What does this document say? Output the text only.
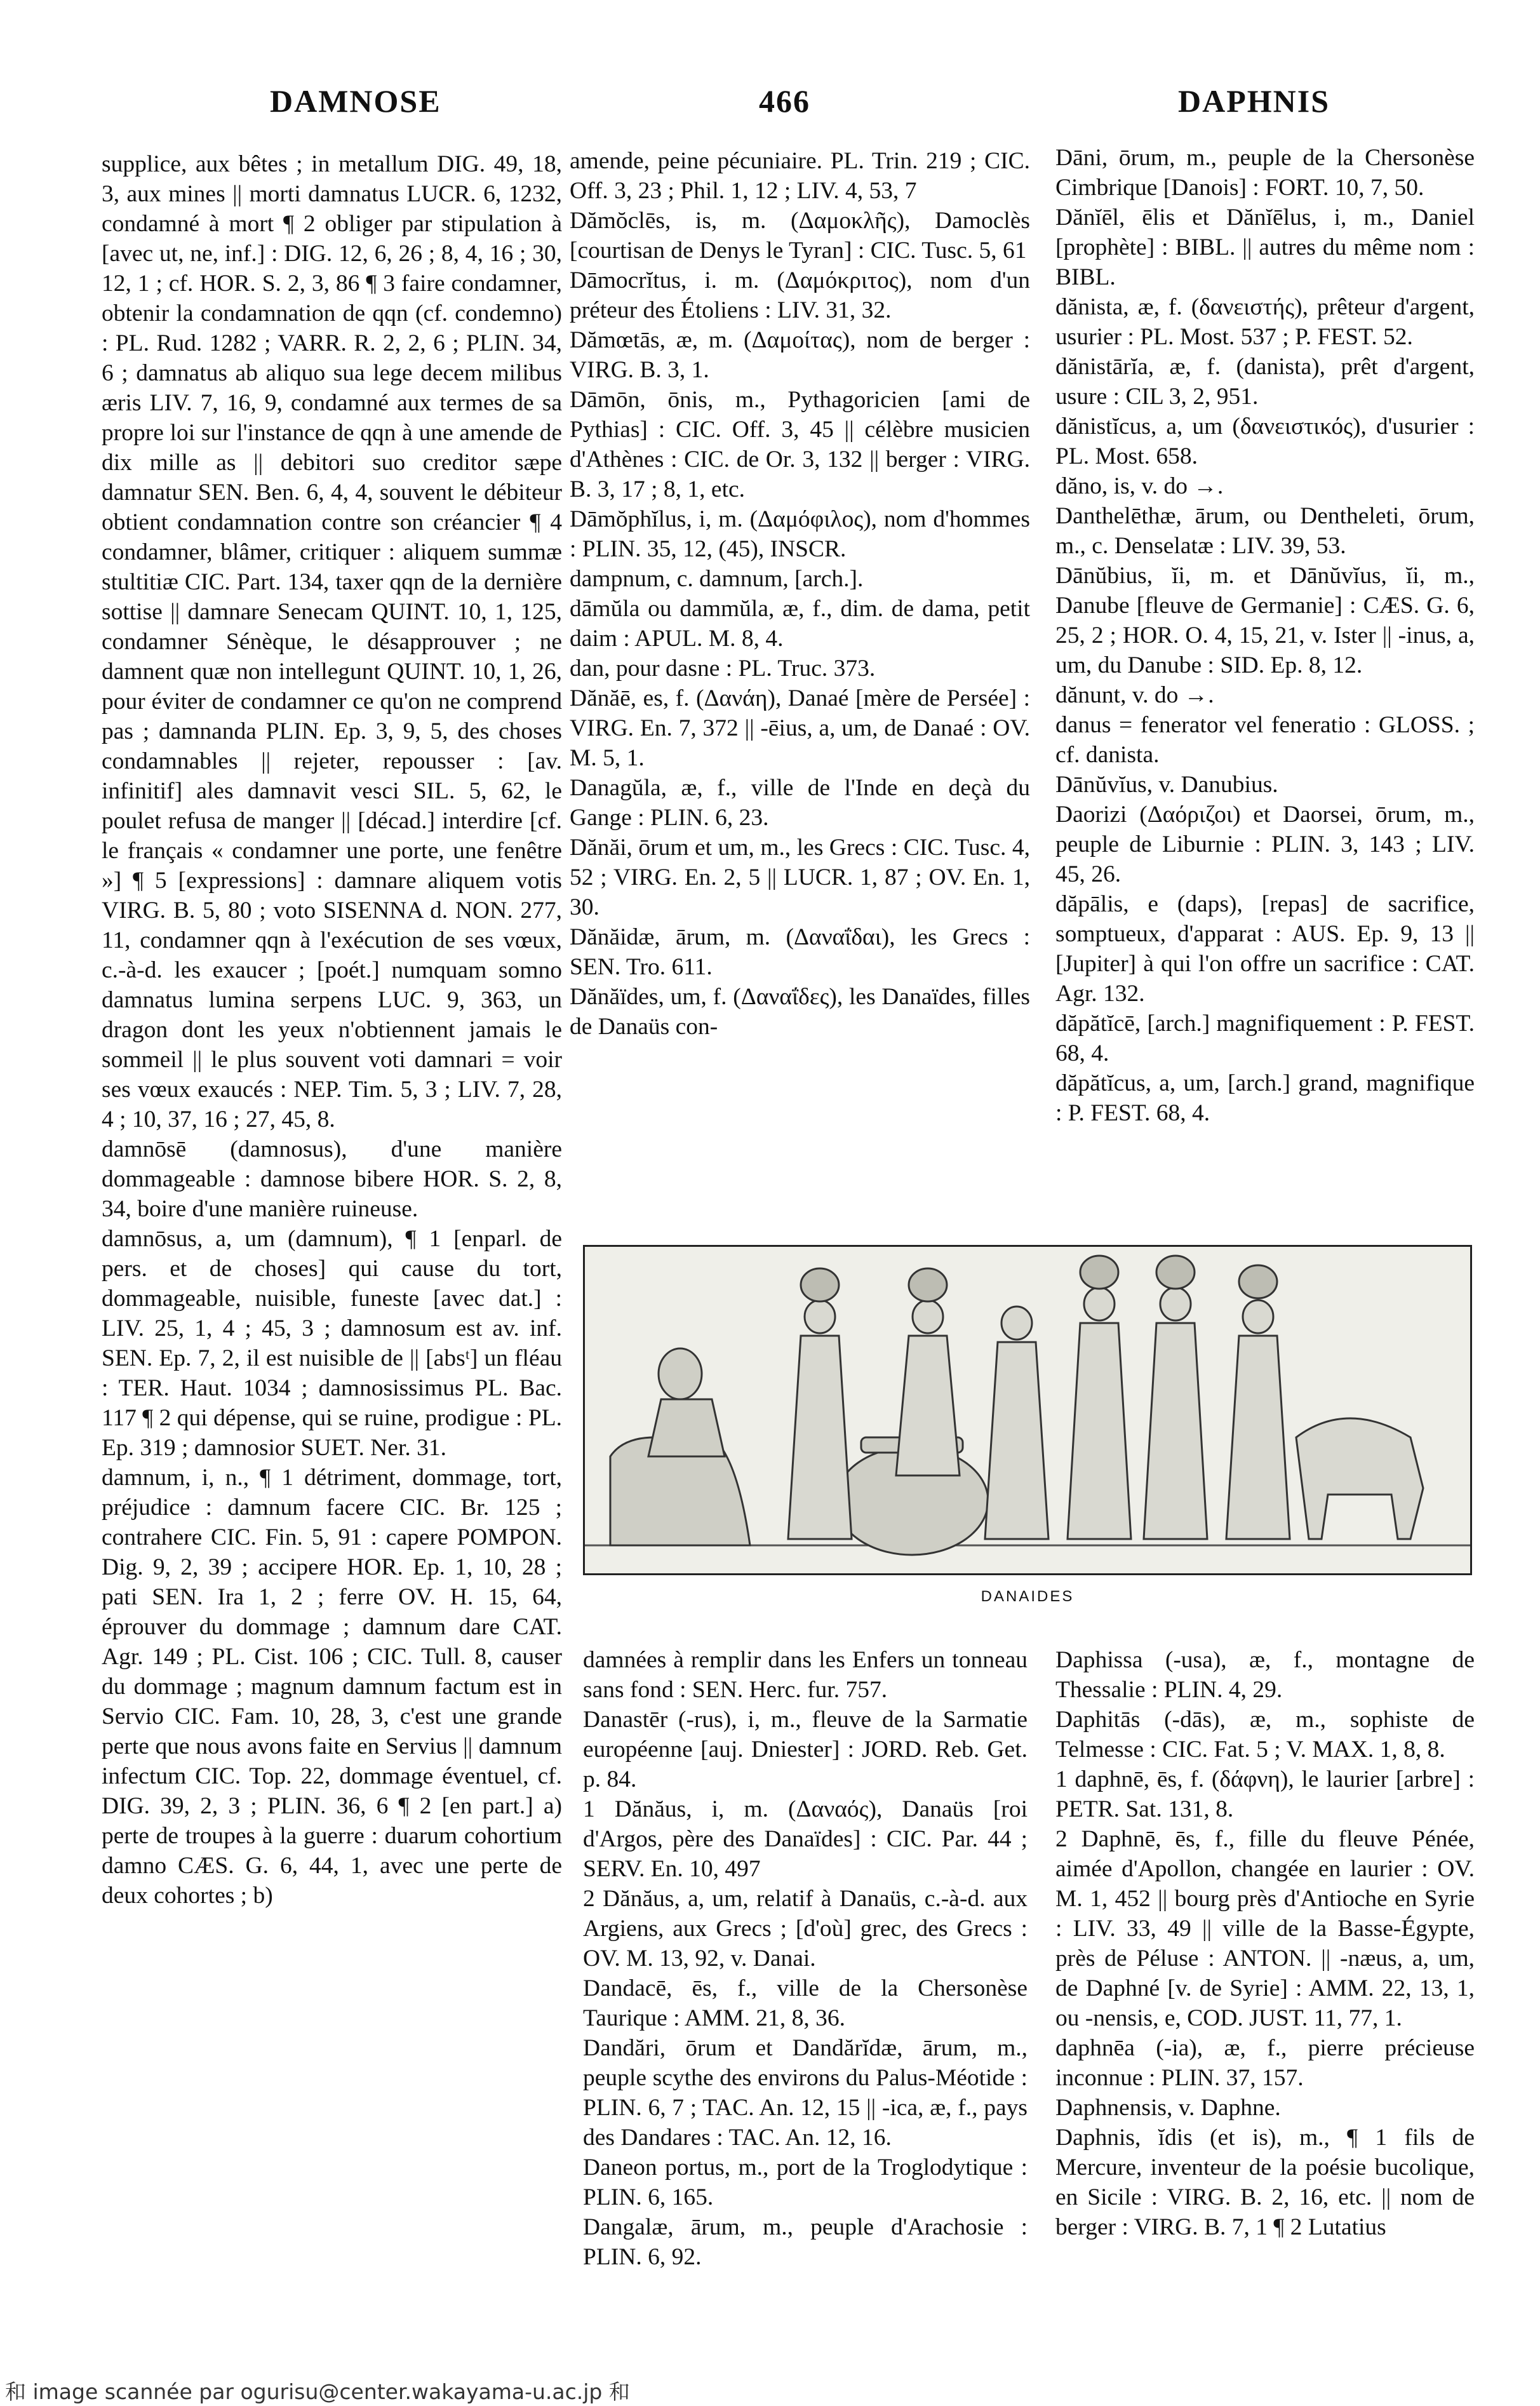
DAMNOSE	466	DAPHNIS

supplice, aux bêtes ; in metallum DIG. 49, 18, 3, aux mines || morti damnatus LUCR. 6, 1232, condamné à mort ¶ 2 obliger par stipulation à [avec ut, ne, inf.] : DIG. 12, 6, 26 ; 8, 4, 16 ; 30, 12, 1 ; cf. HOR. S. 2, 3, 86 ¶ 3 faire condamner, obtenir la condamnation de qqn (cf. condemno) : PL. Rud. 1282 ; VARR. R. 2, 2, 6 ; PLIN. 34, 6 ; damnatus ab aliquo sua lege decem milibus æris LIV. 7, 16, 9, condamné aux termes de sa propre loi sur l'instance de qqn à une amende de dix mille as || debitori suo creditor sæpe damnatur SEN. Ben. 6, 4, 4, souvent le débiteur obtient condamnation contre son créancier ¶ 4 condamner, blâmer, critiquer : aliquem summæ stultitiæ CIC. Part. 134, taxer qqn de la dernière sottise || damnare Senecam QUINT. 10, 1, 125, condamner Sénèque, le désapprouver ; ne damnent quæ non intellegunt QUINT. 10, 1, 26, pour éviter de condamner ce qu'on ne comprend pas ; damnanda PLIN. Ep. 3, 9, 5, des choses condamnables || rejeter, repousser : [av. infinitif] ales damnavit vesci SIL. 5, 62, le poulet refusa de manger || [décad.] interdire [cf. le français « condamner une porte, une fenêtre »] ¶ 5 [expressions] : damnare aliquem votis VIRG. B. 5, 80 ; voto SISENNA d. NON. 277, 11, condamner qqn à l'exécution de ses vœux, c.-à-d. les exaucer ; [poét.] numquam somno damnatus lumina serpens LUC. 9, 363, un dragon dont les yeux n'obtiennent jamais le sommeil || le plus souvent voti damnari = voir ses vœux exaucés : NEP. Tim. 5, 3 ; LIV. 7, 28, 4 ; 10, 37, 16 ; 27, 45, 8.

damnōsē (damnosus), d'une manière dommageable : damnose bibere HOR. S. 2, 8, 34, boire d'une manière ruineuse.

damnōsus, a, um (damnum), ¶ 1 [enparl. de pers. et de choses] qui cause du tort, dommageable, nuisible, funeste [avec dat.] : LIV. 25, 1, 4 ; 45, 3 ; damnosum est av. inf. SEN. Ep. 7, 2, il est nuisible de || [absᵗ] un fléau : TER. Haut. 1034 ; damnosissimus PL. Bac. 117 ¶ 2 qui dépense, qui se ruine, prodigue : PL. Ep. 319 ; damnosior SUET. Ner. 31.

damnum, i, n., ¶ 1 détriment, dommage, tort, préjudice : damnum facere CIC. Br. 125 ; contrahere CIC. Fin. 5, 91 : capere POMPON. Dig. 9, 2, 39 ; accipere HOR. Ep. 1, 10, 28 ; pati SEN. Ira 1, 2 ; ferre OV. H. 15, 64, éprouver du dommage ; damnum dare CAT. Agr. 149 ; PL. Cist. 106 ; CIC. Tull. 8, causer du dommage ; magnum damnum factum est in Servio CIC. Fam. 10, 28, 3, c'est une grande perte que nous avons faite en Servius || damnum infectum CIC. Top. 22, dommage éventuel, cf. DIG. 39, 2, 3 ; PLIN. 36, 6 ¶ 2 [en part.] a) perte de troupes à la guerre : duarum cohortium damno CÆS. G. 6, 44, 1, avec une perte de deux cohortes ; b)

amende, peine pécuniaire. PL. Trin. 219 ; CIC. Off. 3, 23 ; Phil. 1, 12 ; LIV. 4, 53, 7

Dămŏclēs, is, m. (Δαμοκλῆς), Damoclès [courtisan de Denys le Tyran] : CIC. Tusc. 5, 61

Dāmocrĭtus, i. m. (Δαμόκριτος), nom d'un préteur des Étoliens : LIV. 31, 32.

Dămœtās, æ, m. (Δαμοίτας), nom de berger : VIRG. B. 3, 1.

Dāmōn, ōnis, m., Pythagoricien [ami de Pythias] : CIC. Off. 3, 45 || célèbre musicien d'Athènes : CIC. de Or. 3, 132 || berger : VIRG. B. 3, 17 ; 8, 1, etc.

Dāmŏphĭlus, i, m. (Δαμόφιλος), nom d'hommes : PLIN. 35, 12, (45), INSCR.

dampnum, c. damnum, [arch.].

dāmŭla ou dammŭla, æ, f., dim. de dama, petit daim : APUL. M. 8, 4.

dan, pour dasne : PL. Truc. 373.

Dănăē, es, f. (Δανάη), Danaé [mère de Persée] : VIRG. En. 7, 372 || -ēius, a, um, de Danaé : OV. M. 5, 1.

Danagŭla, æ, f., ville de l'Inde en deçà du Gange : PLIN. 6, 23.

Dănăi, ōrum et um, m., les Grecs : CIC. Tusc. 4, 52 ; VIRG. En. 2, 5 || LUCR. 1, 87 ; OV. En. 1, 30.

Dănăidæ, ārum, m. (Δαναΐδαι), les Grecs : SEN. Tro. 611.

Dănăïdes, um, f. (Δαναΐδες), les Danaïdes, filles de Danaüs con-

Dāni, ōrum, m., peuple de la Chersonèse Cimbrique [Danois] : FORT. 10, 7, 50.

Dănĭēl, ēlis et Dănĭēlus, i, m., Daniel [prophète] : BIBL. || autres du même nom : BIBL.

dănista, æ, f. (δανειστής), prêteur d'argent, usurier : PL. Most. 537 ; P. FEST. 52.

dănistārĭa, æ, f. (danista), prêt d'argent, usure : CIL 3, 2, 951.

dănistĭcus, a, um (δανειστικός), d'usurier : PL. Most. 658.

dăno, is, v. do →.

Danthelēthæ, ārum, ou Dentheleti, ōrum, m., c. Denselatæ : LIV. 39, 53.

Dānŭbius, ĭi, m. et Dānŭvĭus, ĭi, m., Danube [fleuve de Germanie] : CÆS. G. 6, 25, 2 ; HOR. O. 4, 15, 21, v. Ister || -inus, a, um, du Danube : SID. Ep. 8, 12.

dănunt, v. do →.

danus = fenerator vel feneratio : GLOSS. ; cf. danista.

Dānŭvĭus, v. Danubius.

Daorizi (Δαόριζοι) et Daorsei, ōrum, m., peuple de Liburnie : PLIN. 3, 143 ; LIV. 45, 26.

dăpālis, e (daps), [repas] de sacrifice, somptueux, d'apparat : AUS. Ep. 9, 13 || [Jupiter] à qui l'on offre un sacrifice : CAT. Agr. 132.

dăpătĭcē, [arch.] magnifiquement : P. FEST. 68, 4.

dăpătĭcus, a, um, [arch.] grand, magnifique : P. FEST. 68, 4.

DANAIDES

damnées à remplir dans les Enfers un tonneau sans fond : SEN. Herc. fur. 757.

Danastēr (-rus), i, m., fleuve de la Sarmatie européenne [auj. Dniester] : JORD. Reb. Get. p. 84.

1 Dănăus, i, m. (Δαναός), Danaüs [roi d'Argos, père des Danaïdes] : CIC. Par. 44 ; SERV. En. 10, 497

2 Dănăus, a, um, relatif à Danaüs, c.-à-d. aux Argiens, aux Grecs ; [d'où] grec, des Grecs : OV. M. 13, 92, v. Danai.

Dandacē, ēs, f., ville de la Chersonèse Taurique : AMM. 21, 8, 36.

Dandări, ōrum et Dandărĭdæ, ārum, m., peuple scythe des environs du Palus-Méotide : PLIN. 6, 7 ; TAC. An. 12, 15 || -ica, æ, f., pays des Dandares : TAC. An. 12, 16.

Daneon portus, m., port de la Troglodytique : PLIN. 6, 165.

Dangalæ, ārum, m., peuple d'Arachosie : PLIN. 6, 92.

Daphissa (-usa), æ, f., montagne de Thessalie : PLIN. 4, 29.

Daphitās (-dās), æ, m., sophiste de Telmesse : CIC. Fat. 5 ; V. MAX. 1, 8, 8.

1 daphnē, ēs, f. (δάφνη), le laurier [arbre] : PETR. Sat. 131, 8.

2 Daphnē, ēs, f., fille du fleuve Pénée, aimée d'Apollon, changée en laurier : OV. M. 1, 452 || bourg près d'Antioche en Syrie : LIV. 33, 49 || ville de la Basse-Égypte, près de Péluse : ANTON. || -næus, a, um, de Daphné [v. de Syrie] : AMM. 22, 13, 1, ou -nensis, e, COD. JUST. 11, 77, 1.

daphnēa (-ia), æ, f., pierre précieuse inconnue : PLIN. 37, 157.

Daphnensis, v. Daphne.

Daphnis, ĭdis (et is), m., ¶ 1 fils de Mercure, inventeur de la poésie bucolique, en Sicile : VIRG. B. 2, 16, etc. || nom de berger : VIRG. B. 7, 1 ¶ 2 Lutatius

和 image scannée par ogurisu@center.wakayama-u.ac.jp 和
